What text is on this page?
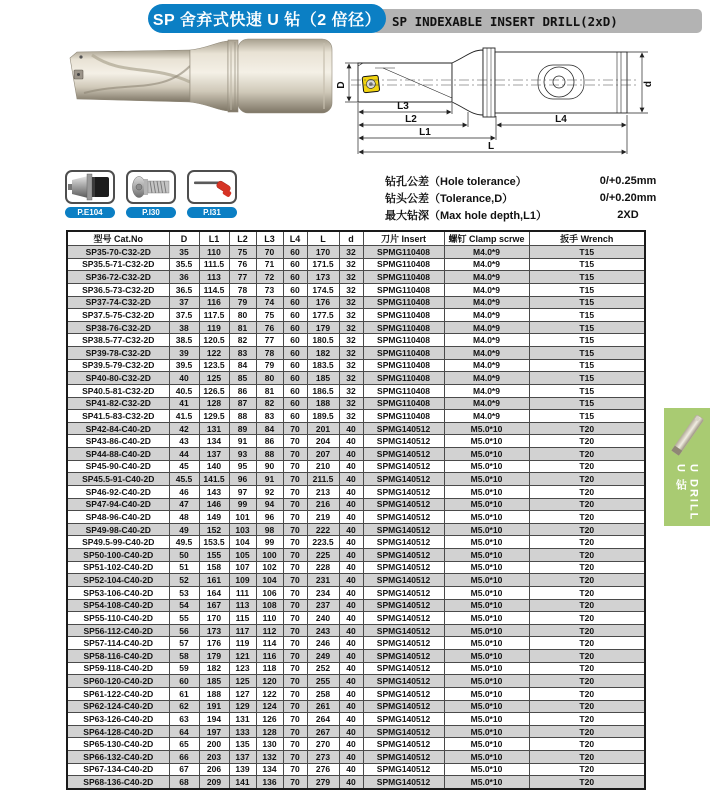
SP INDEXABLE INSERT DRILL(2xD)
SP 舍弃式快速 U 钻（2 倍径）
D
L3
L2
L1
L
L4
d
P.E104	P.I30	P.I31
钻孔公差（Hole tolerance）	0/+0.25mm
钻头公差（Tolerance,D）	0/+0.20mm
最大钻深（Max hole depth,L1）	2XD
型号 Cat.No	D	L1	L2	L3	L4	L	d	刀片 Insert	螺钉 Clamp scrwe	扳手 Wrench
SP35-70-C32-2D	35	110	75	70	60	170	32	SPMG110408	M4.0*9	T15
SP35.5-71-C32-2D	35.5	111.5	76	71	60	171.5	32	SPMG110408	M4.0*9	T15
SP36-72-C32-2D	36	113	77	72	60	173	32	SPMG110408	M4.0*9	T15
SP36.5-73-C32-2D	36.5	114.5	78	73	60	174.5	32	SPMG110408	M4.0*9	T15
SP37-74-C32-2D	37	116	79	74	60	176	32	SPMG110408	M4.0*9	T15
SP37.5-75-C32-2D	37.5	117.5	80	75	60	177.5	32	SPMG110408	M4.0*9	T15
SP38-76-C32-2D	38	119	81	76	60	179	32	SPMG110408	M4.0*9	T15
SP38.5-77-C32-2D	38.5	120.5	82	77	60	180.5	32	SPMG110408	M4.0*9	T15
SP39-78-C32-2D	39	122	83	78	60	182	32	SPMG110408	M4.0*9	T15
SP39.5-79-C32-2D	39.5	123.5	84	79	60	183.5	32	SPMG110408	M4.0*9	T15
SP40-80-C32-2D	40	125	85	80	60	185	32	SPMG110408	M4.0*9	T15
SP40.5-81-C32-2D	40.5	126.5	86	81	60	186.5	32	SPMG110408	M4.0*9	T15
SP41-82-C32-2D	41	128	87	82	60	188	32	SPMG110408	M4.0*9	T15
SP41.5-83-C32-2D	41.5	129.5	88	83	60	189.5	32	SPMG110408	M4.0*9	T15
SP42-84-C40-2D	42	131	89	84	70	201	40	SPMG140512	M5.0*10	T20
SP43-86-C40-2D	43	134	91	86	70	204	40	SPMG140512	M5.0*10	T20
SP44-88-C40-2D	44	137	93	88	70	207	40	SPMG140512	M5.0*10	T20
SP45-90-C40-2D	45	140	95	90	70	210	40	SPMG140512	M5.0*10	T20
SP45.5-91-C40-2D	45.5	141.5	96	91	70	211.5	40	SPMG140512	M5.0*10	T20
SP46-92-C40-2D	46	143	97	92	70	213	40	SPMG140512	M5.0*10	T20
SP47-94-C40-2D	47	146	99	94	70	216	40	SPMG140512	M5.0*10	T20
SP48-96-C40-2D	48	149	101	96	70	219	40	SPMG140512	M5.0*10	T20
SP49-98-C40-2D	49	152	103	98	70	222	40	SPMG140512	M5.0*10	T20
SP49.5-99-C40-2D	49.5	153.5	104	99	70	223.5	40	SPMG140512	M5.0*10	T20
SP50-100-C40-2D	50	155	105	100	70	225	40	SPMG140512	M5.0*10	T20
SP51-102-C40-2D	51	158	107	102	70	228	40	SPMG140512	M5.0*10	T20
SP52-104-C40-2D	52	161	109	104	70	231	40	SPMG140512	M5.0*10	T20
SP53-106-C40-2D	53	164	111	106	70	234	40	SPMG140512	M5.0*10	T20
SP54-108-C40-2D	54	167	113	108	70	237	40	SPMG140512	M5.0*10	T20
SP55-110-C40-2D	55	170	115	110	70	240	40	SPMG140512	M5.0*10	T20
SP56-112-C40-2D	56	173	117	112	70	243	40	SPMG140512	M5.0*10	T20
SP57-114-C40-2D	57	176	119	114	70	246	40	SPMG140512	M5.0*10	T20
SP58-116-C40-2D	58	179	121	116	70	249	40	SPMG140512	M5.0*10	T20
SP59-118-C40-2D	59	182	123	118	70	252	40	SPMG140512	M5.0*10	T20
SP60-120-C40-2D	60	185	125	120	70	255	40	SPMG140512	M5.0*10	T20
SP61-122-C40-2D	61	188	127	122	70	258	40	SPMG140512	M5.0*10	T20
SP62-124-C40-2D	62	191	129	124	70	261	40	SPMG140512	M5.0*10	T20
SP63-126-C40-2D	63	194	131	126	70	264	40	SPMG140512	M5.0*10	T20
SP64-128-C40-2D	64	197	133	128	70	267	40	SPMG140512	M5.0*10	T20
SP65-130-C40-2D	65	200	135	130	70	270	40	SPMG140512	M5.0*10	T20
SP66-132-C40-2D	66	203	137	132	70	273	40	SPMG140512	M5.0*10	T20
SP67-134-C40-2D	67	206	139	134	70	276	40	SPMG140512	M5.0*10	T20
SP68-136-C40-2D	68	209	141	136	70	279	40	SPMG140512	M5.0*10	T20
U 钻 U DRILL
